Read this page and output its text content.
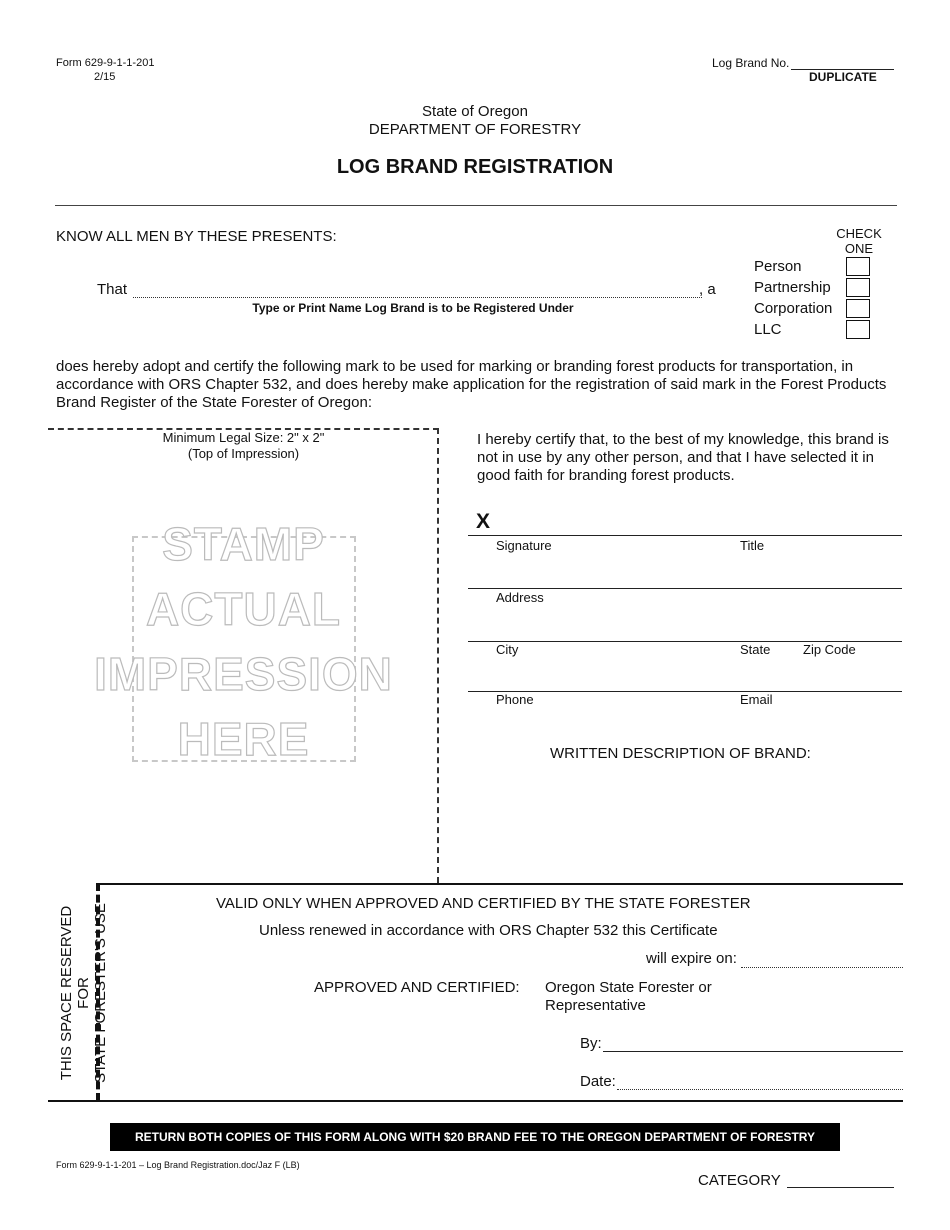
Form 629-9-1-1-201
2/15
Log Brand No.
DUPLICATE
State of Oregon
DEPARTMENT OF FORESTRY
LOG BRAND REGISTRATION
KNOW ALL MEN BY THESE PRESENTS:
That	, a
Type or Print Name Log Brand is to be Registered Under
CHECK ONE
Person
Partnership
Corporation
LLC
does hereby adopt and certify the following mark to be used for marking or branding forest products for transportation, in accordance with ORS Chapter 532, and does hereby make application for the registration of said mark in the Forest Products Brand Register of the State Forester of Oregon:
Minimum Legal Size: 2" x 2"
(Top of Impression)
STAMP
ACTUAL
IMPRESSION
HERE
I hereby certify that, to the best of my knowledge, this brand is not in use by any other person, and that I have selected it in good faith for branding forest products.
X
Signature	Title
Address
City	State	Zip Code
Phone	Email
WRITTEN DESCRIPTION OF BRAND:
THIS SPACE RESERVED FOR STATE FORESTER'S USE	VALID ONLY WHEN APPROVED AND CERTIFIED BY THE STATE FORESTER
Unless renewed in accordance with ORS Chapter 532 this Certificate
will expire on:
APPROVED AND CERTIFIED: Oregon State Forester or
Representative
By:
Date:
RETURN BOTH COPIES OF THIS FORM ALONG WITH $20 BRAND FEE TO THE OREGON DEPARTMENT OF FORESTRY
Form 629-9-1-1-201 – Log Brand Registration.doc/Jaz F (LB)
CATEGORY
